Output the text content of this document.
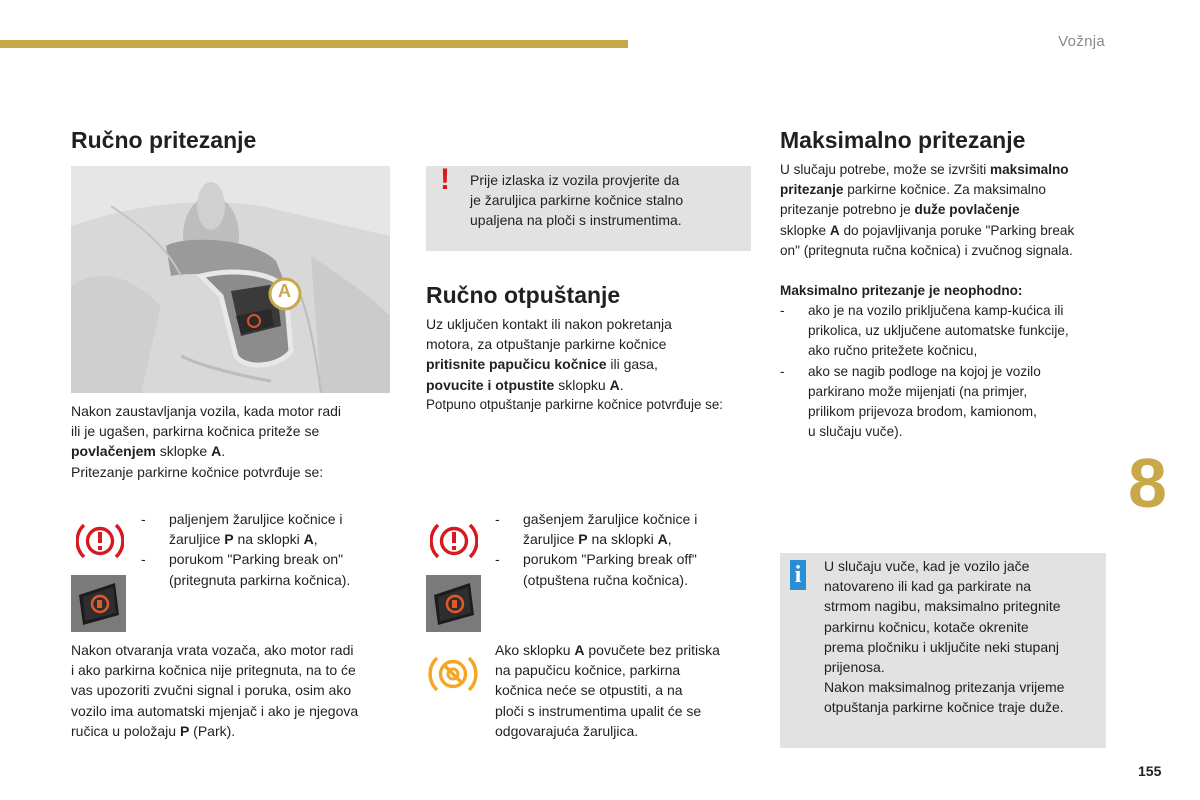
Vožnja
Ručno pritezanje
A
Nakon zaustavljanja vozila, kada motor radi
ili je ugašen, parkirna kočnica priteže se
povlačenjem sklopke A.
Pritezanje parkirne kočnice potvrđuje se:
- paljenjem žaruljice kočnice i
žaruljice P na sklopki A,
- porukom "Parking break on"
(pritegnuta parkirna kočnica).
Nakon otvaranja vrata vozača, ako motor radi
i ako parkirna kočnica nije pritegnuta, na to će
vas upozoriti zvučni signal i poruka, osim ako
vozilo ima automatski mjenjač i ako je njegova
ručica u položaju P (Park).
! Prije izlaska iz vozila provjerite da
je žaruljica parkirne kočnice stalno
upaljena na ploči s instrumentima.
Ručno otpuštanje
Uz uključen kontakt ili nakon pokretanja
motora, za otpuštanje parkirne kočnice
pritisnite papučicu kočnice ili gasa,
povucite i otpustite sklopku A.
Potpuno otpuštanje parkirne kočnice potvrđuje se:
- gašenjem žaruljice kočnice i
žaruljice P na sklopki A,
- porukom "Parking break off"
(otpuštena ručna kočnica).
Ako sklopku A povučete bez pritiska
na papučicu kočnice, parkirna
kočnica neće se otpustiti, a na
ploči s instrumentima upalit će se
odgovarajuća žaruljica.
Maksimalno pritezanje
U slučaju potrebe, može se izvršiti maksimalno
pritezanje parkirne kočnice. Za maksimalno
pritezanje potrebno je duže povlačenje
sklopke A do pojavljivanja poruke "Parking break
on" (pritegnuta ručna kočnica) i zvučnog signala.
Maksimalno pritezanje je neophodno:
- ako je na vozilo priključena kamp-kućica ili
prikolica, uz uključene automatske funkcije,
ako ručno pritežete kočnicu,
- ako se nagib podloge na kojoj je vozilo
parkirano može mijenjati (na primjer,
prilikom prijevoza brodom, kamionom,
u slučaju vuče).
8
i	U slučaju vuče, kad je vozilo jače
natovareno ili kad ga parkirate na
strmom nagibu, maksimalno pritegnite
parkirnu kočnicu, kotače okrenite
prema pločniku i uključite neki stupanj
prijenosa.
Nakon maksimalnog pritezanja vrijeme
otpuštanja parkirne kočnice traje duže.
155
